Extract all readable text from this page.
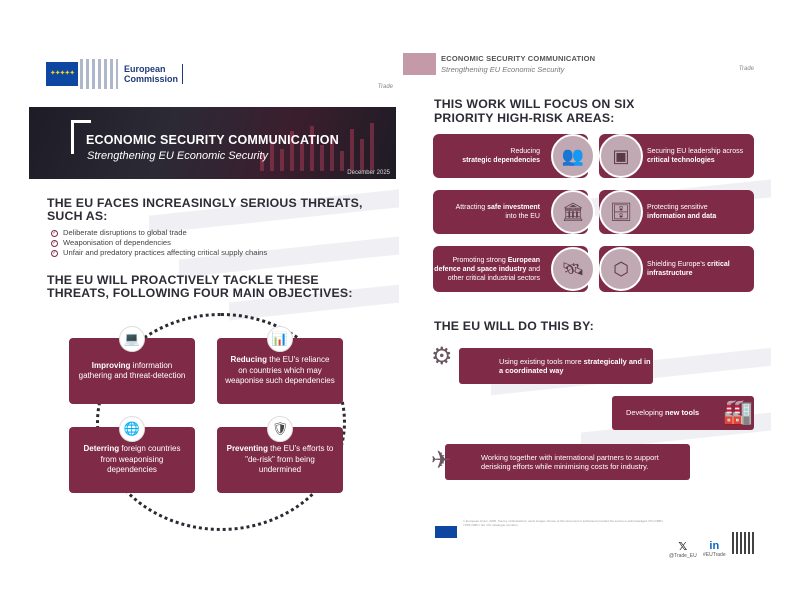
✦✦✦✦✦	European
Commission
Trade
ECONOMIC SECURITY COMMUNICATION
Strengthening EU Economic Security
December 2025
THE EU FACES INCREASINGLY SERIOUS THREATS,
SUCH AS:
✓ Deliberate disruptions to global trade
✓ Weaponisation of dependencies
✓ Unfair and predatory practices affecting critical supply chains
THE EU WILL PROACTIVELY TACKLE THESE
THREATS, FOLLOWING FOUR MAIN OBJECTIVES:
Improving information gathering and threat-detection
💻
Reducing the EU's reliance on countries which may weaponise such dependencies
📊
Deterring foreign countries from weaponising dependencies
🌐
Preventing the EU's efforts to "de-risk" from being undermined
🛡
ECONOMIC SECURITY COMMUNICATION
Strengthening EU Economic Security	Trade
THIS WORK WILL FOCUS ON SIX
PRIORITY HIGH-RISK AREAS:
Reducing
strategic dependencies
Securing EU leadership across
critical technologies
👥	▣
Attracting safe investment
into the EU
Protecting sensitive
information and data
🏛	🗄
Promoting strong European defence and space industry and other critical industrial sectors
Shielding Europe's critical infrastructure
🛰	⬡
THE EU WILL DO THIS BY:
Using existing tools more strategically and in a coordinated way
⚙
Developing new tools 🏭
Working together with international partners to support derisking efforts while minimising costs for industry.
✈
© European Union, 2025. Source of illustrations: stock images. Reuse of this document is authorised provided the source is acknowledged. Print ISBN / PDF ISBN / doi / KF catalogue numbers.
𝕏
@Trade_EU
in
#EUTrade
